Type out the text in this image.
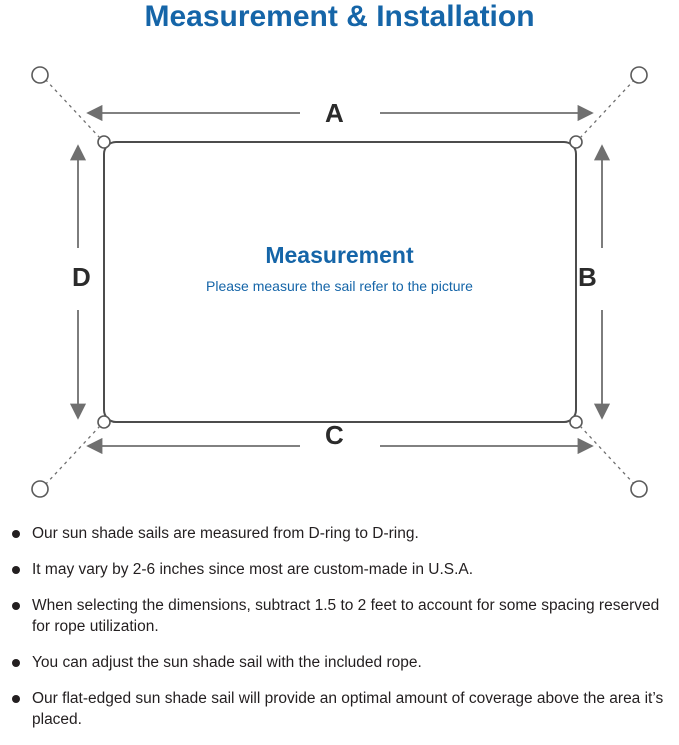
Measurement & Installation
A
B
C
D
Measurement
Please measure the sail refer to the picture
Our sun shade sails are measured from D-ring to D-ring.
It may vary by 2-6 inches since most are custom-made in U.S.A.
When selecting the dimensions, subtract 1.5 to 2 feet to account for some spacing reserved for rope utilization.
You can adjust the sun shade sail with the included rope.
Our flat-edged sun shade sail will provide an optimal amount of coverage above the area it’s placed.
